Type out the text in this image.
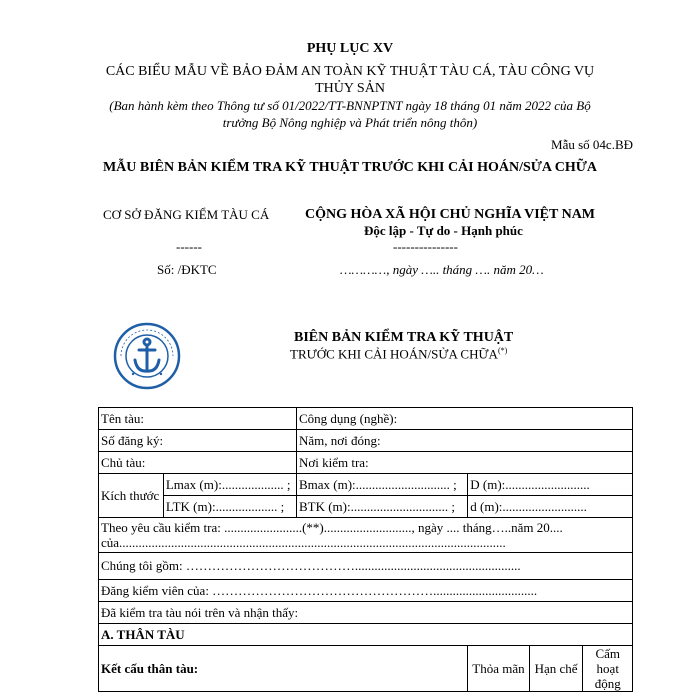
PHỤ LỤC XV
CÁC BIỂU MẪU VỀ BẢO ĐẢM AN TOÀN KỸ THUẬT TÀU CÁ, TÀU CÔNG VỤ
THỦY SẢN
(Ban hành kèm theo Thông tư số 01/2022/TT-BNNPTNT ngày 18 tháng 01 năm 2022 của Bộ
trưởng Bộ Nông nghiệp và Phát triển nông thôn)
Mẫu số 04c.BĐ
MẪU BIÊN BẢN KIỂM TRA KỸ THUẬT TRƯỚC KHI CẢI HOÁN/SỬA CHỮA
CƠ SỞ ĐĂNG KIỂM TÀU CÁ
------
Số: /ĐKTC
CỘNG HÒA XÃ HỘI CHỦ NGHĨA VIỆT NAM
Độc lập - Tự do - Hạnh phúc
---------------
…………, ngày ….. tháng …. năm 20…
BIÊN BẢN KIỂM TRA KỸ THUẬT
TRƯỚC KHI CẢI HOÁN/SỬA CHỮA(*)
Tên tàu:		Công dụng (nghề):			
Số đăng ký:		Năm, nơi đóng:			
Chủ tàu:		Nơi kiểm tra:			
Kích thước	Lmax (m):................... ;	Bmax (m):............................. ;	D (m):..........................		
	LTK (m):................... ;	BTK (m):.............................. ;	d (m):..........................		

Theo yêu cầu kiểm tra: ........................(**)..........................., ngày .... tháng…..năm 20....
của.......................................................................................................................					

Chúng tôi gồm: …………………………………...................................................					
Đăng kiểm viên của: ……………………………………………................................					
Đã kiểm tra tàu nói trên và nhận thấy:					
A. THÂN TÀU					
Kết cấu thân tàu:			Thỏa mãn	Hạn chế	Cấm hoạt động
